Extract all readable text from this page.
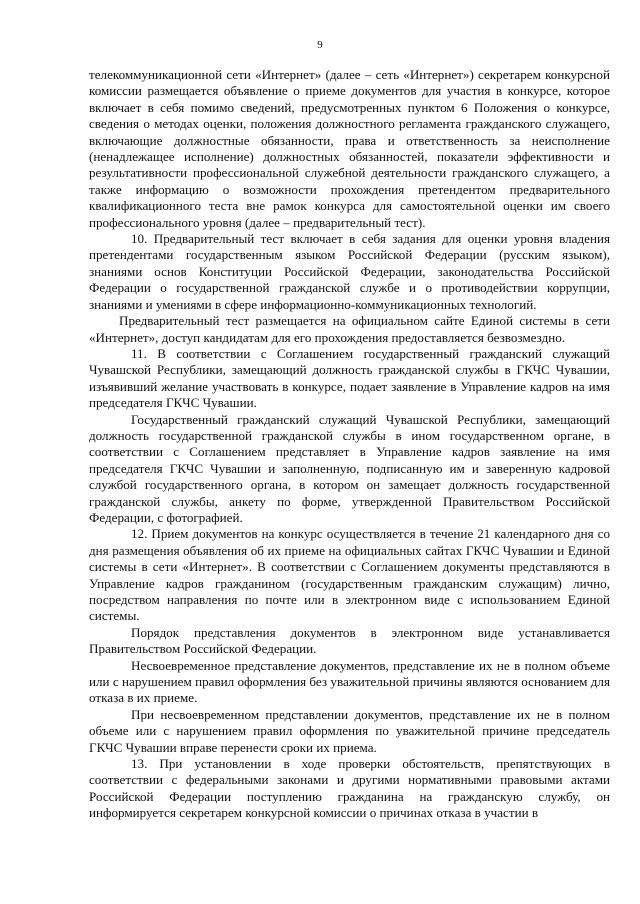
9

телекоммуникационной сети «Интернет» (далее – сеть «Интернет») секретарем конкурсной комиссии размещается объявление о приеме документов для участия в конкурсе, которое включает в себя помимо сведений, предусмотренных пунктом 6 Положения о конкурсе, сведения о методах оценки, положения должностного регламента гражданского служащего, включающие должностные обязанности, права и ответственность за неисполнение (ненадлежащее исполнение) должностных обязанностей, показатели эффективности и результативности профессиональной служебной деятельности гражданского служащего, а также информацию о возможности прохождения претендентом предварительного квалификационного теста вне рамок конкурса для самостоятельной оценки им своего профессионального уровня (далее – предварительный тест).

10. Предварительный тест включает в себя задания для оценки уровня владения претендентами государственным языком Российской Федерации (русским языком), знаниями основ Конституции Российской Федерации, законодательства Российской Федерации о государственной гражданской службе и о противодействии коррупции, знаниями и умениями в сфере информационно-коммуникационных технологий.

Предварительный тест размещается на официальном сайте Единой системы в сети «Интернет», доступ кандидатам для его прохождения предоставляется безвозмездно.

11. В соответствии с Соглашением государственный гражданский служащий Чувашской Республики, замещающий должность гражданской службы в ГКЧС Чувашии, изъявивший желание участвовать в конкурсе, подает заявление в Управление кадров на имя председателя ГКЧС Чувашии.

Государственный гражданский служащий Чувашской Республики, замещающий должность государственной гражданской службы в ином государственном органе, в соответствии с Соглашением представляет в Управление кадров заявление на имя председателя ГКЧС Чувашии и заполненную, подписанную им и заверенную кадровой службой государственного органа, в котором он замещает должность государственной гражданской службы, анкету по форме, утвержденной Правительством Российской Федерации, с фотографией.

12. Прием документов на конкурс осуществляется в течение 21 календарного дня со дня размещения объявления об их приеме на официальных сайтах ГКЧС Чувашии и Единой системы в сети «Интернет». В соответствии с Соглашением документы представляются в Управление кадров гражданином (государственным гражданским служащим) лично, посредством направления по почте или в электронном виде с использованием Единой системы.

Порядок представления документов в электронном виде устанавливается Правительством Российской Федерации.

Несвоевременное представление документов, представление их не в полном объеме или с нарушением правил оформления без уважительной причины являются основанием для отказа в их приеме.

При несвоевременном представлении документов, представление их не в полном объеме или с нарушением правил оформления по уважительной причине председатель ГКЧС Чувашии вправе перенести сроки их приема.

13. При установлении в ходе проверки обстоятельств, препятствующих в соответствии с федеральными законами и другими нормативными правовыми актами Российской Федерации поступлению гражданина на гражданскую службу, он информируется секретарем конкурсной комиссии о причинах отказа в участии в
